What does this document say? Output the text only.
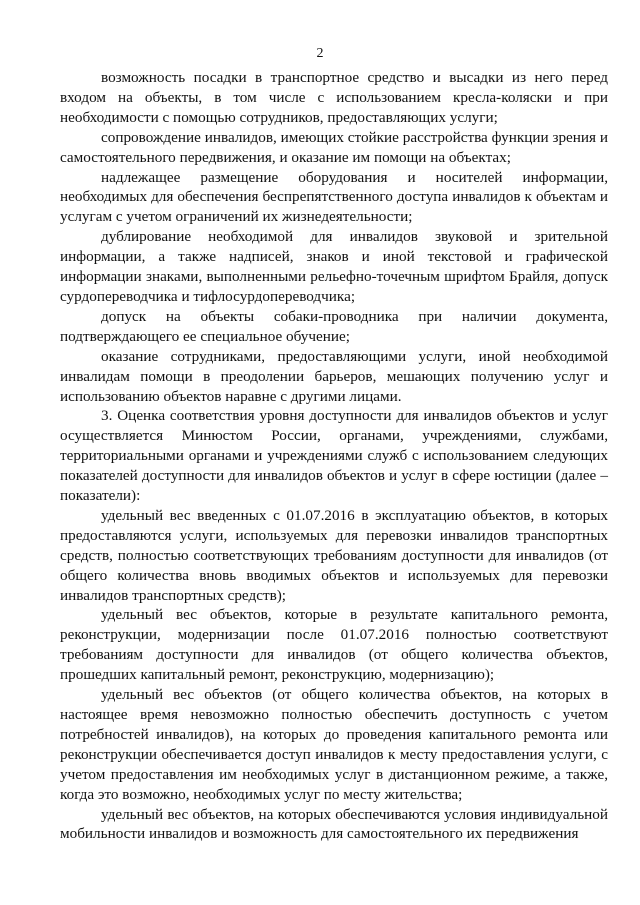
2

возможность посадки в транспортное средство и высадки из него перед входом на объекты, в том числе с использованием кресла-коляски и при необходимости с помощью сотрудников, предоставляющих услуги;

сопровождение инвалидов, имеющих стойкие расстройства функции зрения и самостоятельного передвижения, и оказание им помощи на объектах;

надлежащее размещение оборудования и носителей информации, необходимых для обеспечения беспрепятственного доступа инвалидов к объектам и услугам с учетом ограничений их жизнедеятельности;

дублирование необходимой для инвалидов звуковой и зрительной информации, а также надписей, знаков и иной текстовой и графической информации знаками, выполненными рельефно-точечным шрифтом Брайля, допуск сурдопереводчика и тифлосурдопереводчика;

допуск на объекты собаки-проводника при наличии документа, подтверждающего ее специальное обучение;

оказание сотрудниками, предоставляющими услуги, иной необходимой инвалидам помощи в преодолении барьеров, мешающих получению услуг и использованию объектов наравне с другими лицами.

3. Оценка соответствия уровня доступности для инвалидов объектов и услуг осуществляется Минюстом России, органами, учреждениями, службами, территориальными органами и учреждениями служб с использованием следующих показателей доступности для инвалидов объектов и услуг в сфере юстиции (далее – показатели):

удельный вес введенных с 01.07.2016 в эксплуатацию объектов, в которых предоставляются услуги, используемых для перевозки инвалидов транспортных средств, полностью соответствующих требованиям доступности для инвалидов (от общего количества вновь вводимых объектов и используемых для перевозки инвалидов транспортных средств);

удельный вес объектов, которые в результате капитального ремонта, реконструкции, модернизации после 01.07.2016 полностью соответствуют требованиям доступности для инвалидов (от общего количества объектов, прошедших капитальный ремонт, реконструкцию, модернизацию);

удельный вес объектов (от общего количества объектов, на которых в настоящее время невозможно полностью обеспечить доступность с учетом потребностей инвалидов), на которых до проведения капитального ремонта или реконструкции обеспечивается доступ инвалидов к месту предоставления услуги, с учетом предоставления им необходимых услуг в дистанционном режиме, а также, когда это возможно, необходимых услуг по месту жительства;

удельный вес объектов, на которых обеспечиваются условия индивидуальной мобильности инвалидов и возможность для самостоятельного их передвижения
